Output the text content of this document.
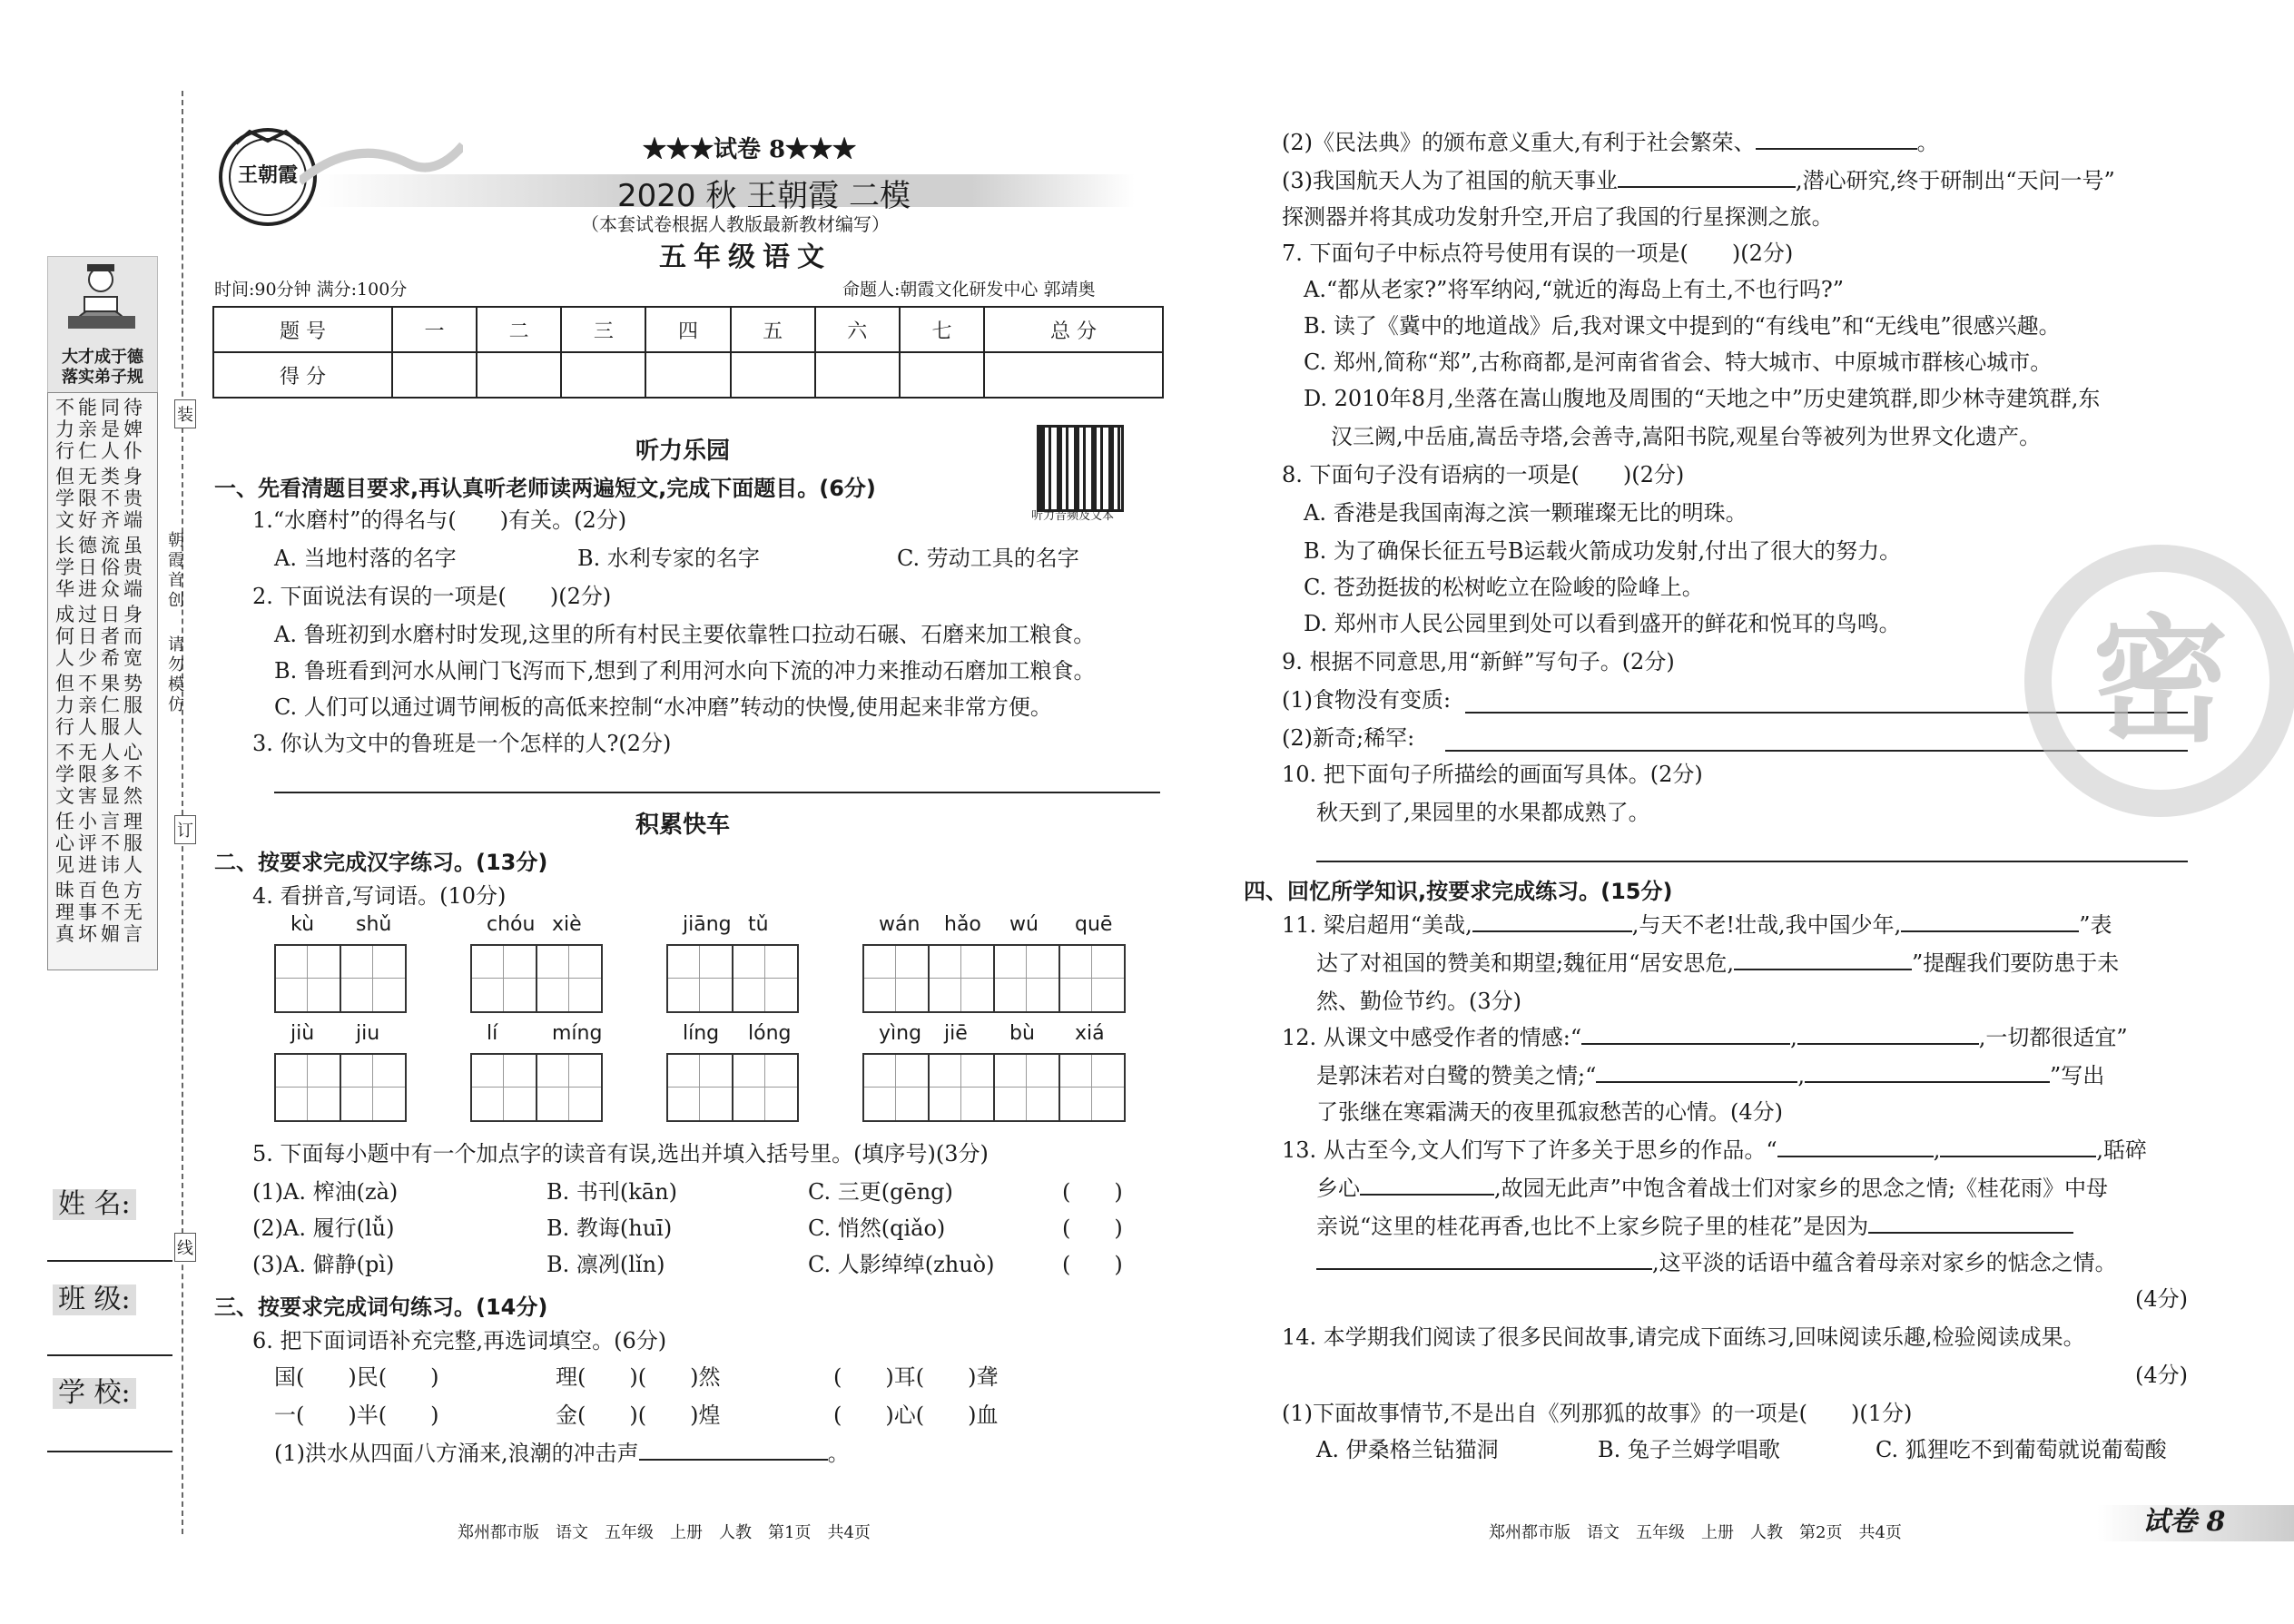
大才成于德
落实弟子规
不能同待
力亲是婢
行仁人仆
但无类身
学限不贵
文好齐端
长德流虽
学日俗贵
华进众端
成过日身
何日者而
人少希宽
但不果势
力亲仁服
行人服人
不无人心
学限多不
文害显然
任小言理
心评不服
见进讳人
昧百色方
理事不无
真坏媚言
姓 名:
班 级:
学 校:
装
订
线
朝霞首创
请勿模仿
王朝霞
★★★试卷 8★★★
2020 秋 王朝霞 二模
（本套试卷根据人教版最新教材编写）
五年级语文
时间:90分钟 满分:100分	命题人:朝霞文化研发中心 郭靖奥
题 号	一	二	三	四	五	六	七	总 分
得 分								
听力乐园
听力音频及文本
一、先看清题目要求,再认真听老师读两遍短文,完成下面题目。(6分)
1.“水磨村”的得名与(　　)有关。(2分)
A. 当地村落的名字	B. 水利专家的名字	C. 劳动工具的名字
2. 下面说法有误的一项是(　　)(2分)
A. 鲁班初到水磨村时发现,这里的所有村民主要依靠牲口拉动石碾、石磨来加工粮食。
B. 鲁班看到河水从闸门飞泻而下,想到了利用河水向下流的冲力来推动石磨加工粮食。
C. 人们可以通过调节闸板的高低来控制“水冲磨”转动的快慢,使用起来非常方便。
3. 你认为文中的鲁班是一个怎样的人?(2分)
积累快车
二、按要求完成汉字练习。(13分)
4. 看拼音,写词语。(10分)
kù shǔ	chóu xiè	jiāng tǔ	wán hǎo wú quē
jiù jiu	lí	míng	líng lóng	yìng jiē bù xiá
5. 下面每小题中有一个加点字的读音有误,选出并填入括号里。(填序号)(3分)
(1)A. 榨油(zà)	B. 书刊(kān)	C. 三更(gēng)	(　　)
(2)A. 履行(lǚ)	B. 教诲(huī)	C. 悄然(qiǎo)	(　　)
(3)A. 僻静(pì)	B. 凛冽(lǐn)	C. 人影绰绰(zhuò)	(　　)
三、按要求完成词句练习。(14分)
6. 把下面词语补充完整,再选词填空。(6分)
国(　　)民(　　)	理(　　)(　　)然	(　　)耳(　　)聋
一(　　)半(　　)	金(　　)(　　)煌	(　　)心(　　)血
(1)洪水从四面八方涌来,浪潮的冲击声	。
郑州都市版　语文　五年级　上册　人教　第1页　共4页
(2)《民法典》的颁布意义重大,有利于社会繁荣、	。
(3)我国航天人为了祖国的航天事业	,潜心研究,终于研制出“天问一号”
探测器并将其成功发射升空,开启了我国的行星探测之旅。
7. 下面句子中标点符号使用有误的一项是(　　)(2分)
A.“都从老家?”将军纳闷,“就近的海岛上有土,不也行吗?”
B. 读了《冀中的地道战》后,我对课文中提到的“有线电”和“无线电”很感兴趣。
C. 郑州,简称“郑”,古称商都,是河南省省会、特大城市、中原城市群核心城市。
D. 2010年8月,坐落在嵩山腹地及周围的“天地之中”历史建筑群,即少林寺建筑群,东
汉三阙,中岳庙,嵩岳寺塔,会善寺,嵩阳书院,观星台等被列为世界文化遗产。
8. 下面句子没有语病的一项是(　　)(2分)
A. 香港是我国南海之滨一颗璀璨无比的明珠。
B. 为了确保长征五号B运载火箭成功发射,付出了很大的努力。
C. 苍劲挺拔的松树屹立在险峻的险峰上。
D. 郑州市人民公园里到处可以看到盛开的鲜花和悦耳的鸟鸣。
9. 根据不同意思,用“新鲜”写句子。(2分)
(1)食物没有变质:
(2)新奇;稀罕:
10. 把下面句子所描绘的画面写具体。(2分)
秋天到了,果园里的水果都成熟了。
四、回忆所学知识,按要求完成练习。(15分)
11. 梁启超用“美哉,	,与天不老!壮哉,我中国少年,	”表
达了对祖国的赞美和期望;魏征用“居安思危,	”提醒我们要防患于未
然、勤俭节约。(3分)
12. 从课文中感受作者的情感:“	,	,一切都很适宜”
是郭沫若对白鹭的赞美之情;“	,	”写出
了张继在寒霜满天的夜里孤寂愁苦的心情。(4分)
13. 从古至今,文人们写下了许多关于思乡的作品。“	,	,聒碎
乡心	,故园无此声”中饱含着战士们对家乡的思念之情;《桂花雨》中母
亲说“这里的桂花再香,也比不上家乡院子里的桂花”是因为
,这平淡的话语中蕴含着母亲对家乡的惦念之情。
(4分)
14. 本学期我们阅读了很多民间故事,请完成下面练习,回味阅读乐趣,检验阅读成果。
(4分)
(1)下面故事情节,不是出自《列那狐的故事》的一项是(　　)(1分)
A. 伊桑格兰钻猫洞	B. 兔子兰姆学唱歌	C. 狐狸吃不到葡萄就说葡萄酸
密
郑州都市版　语文　五年级　上册　人教　第2页　共4页	试卷 8
